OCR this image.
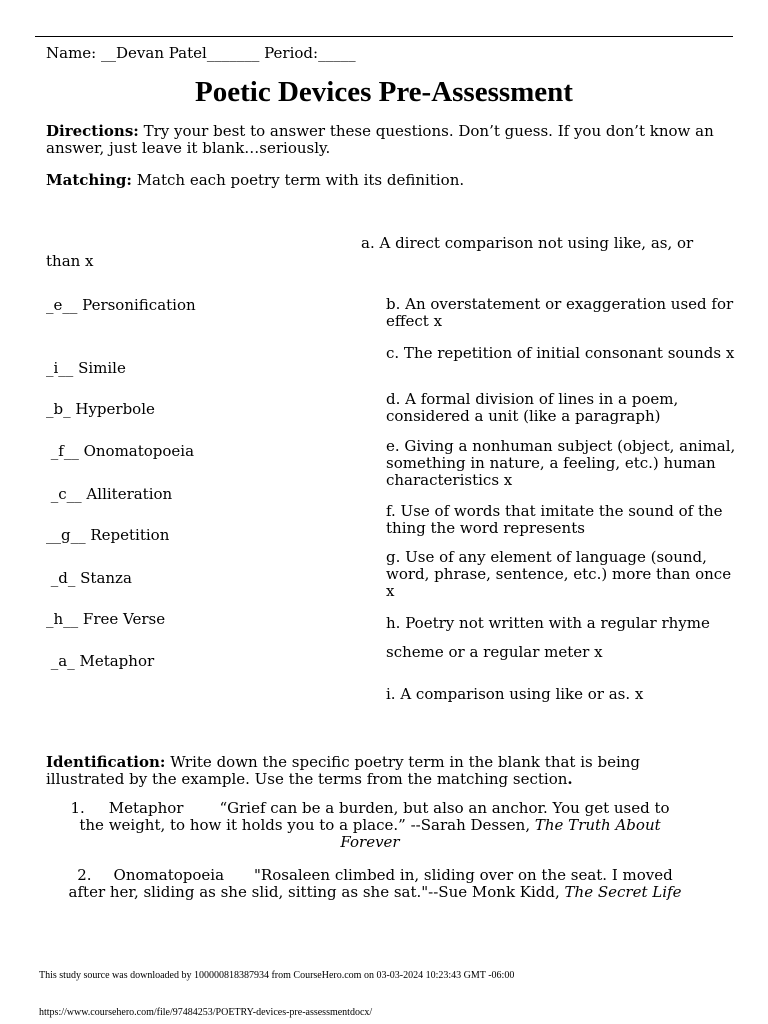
Name: __Devan Patel_______ Period:_____
Poetic Devices Pre-Assessment
Directions: Try your best to answer these questions. Don’t guess. If you don’t know an answer, just leave it blank…seriously.
Matching: Match each poetry term with its definition.
a. A direct comparison not using like, as, or
than x
_e__ Personification
_i__ Simile
_b_ Hyperbole
_f__ Onomatopoeia
_c__ Alliteration
__g__ Repetition
_d_ Stanza
_h__ Free Verse
_a_ Metaphor
b. An overstatement or exaggeration used for effect x
c. The repetition of initial consonant sounds x
d. A formal division of lines in a poem, considered a unit (like a paragraph)
e. Giving a nonhuman subject (object, animal, something in nature, a feeling, etc.) human characteristics x
f. Use of words that imitate the sound of the thing the word represents
g. Use of any element of language (sound, word, phrase, sentence, etc.) more than once x
h. Poetry not written with a regular rhyme
scheme or a regular meter x
i. A comparison using like or as. x
Identification: Write down the specific poetry term in the blank that is being illustrated by the example. Use the terms from the matching section.
1. Metaphor “Grief can be a burden, but also an anchor. You get used to the weight, to how it holds you to a place.” --Sarah Dessen, The Truth About Forever
2. Onomatopoeia "Rosaleen climbed in, sliding over on the seat. I moved after her, sliding as she slid, sitting as she sat."--Sue Monk Kidd, The Secret Life
This study source was downloaded by 100000818387934 from CourseHero.com on 03-03-2024 10:23:43 GMT -06:00
https://www.coursehero.com/file/97484253/POETRY-devices-pre-assessmentdocx/
